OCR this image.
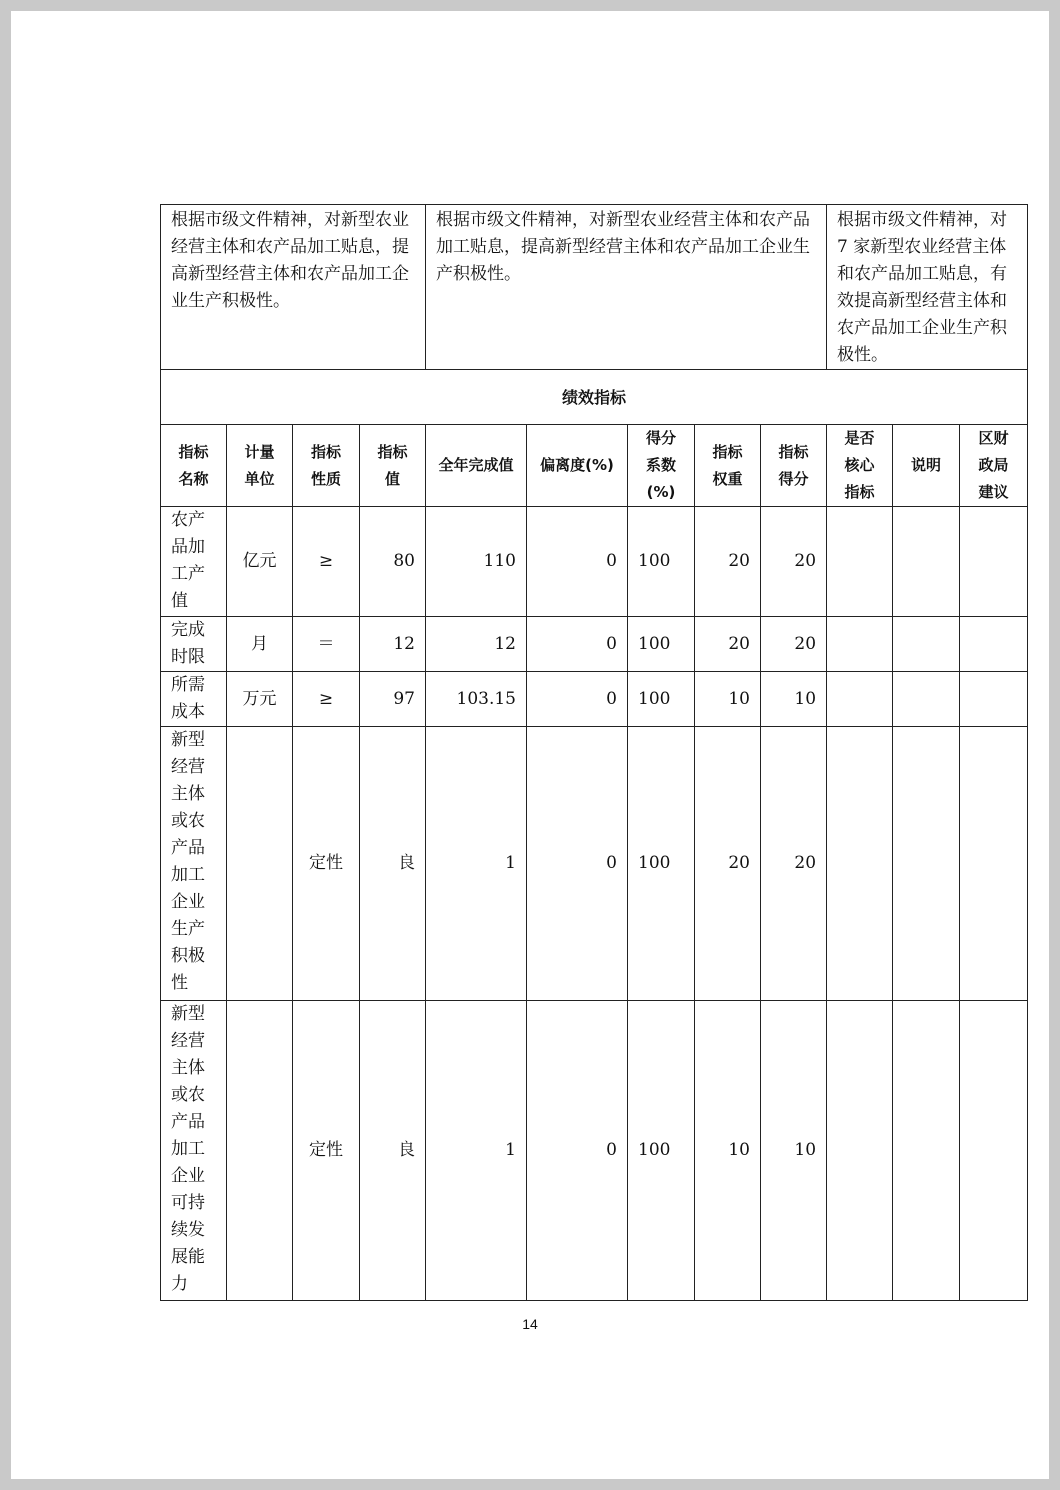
根据市级文件精神，对新型农业经营主体和农产品加工贴息，提高新型经营主体和农产品加工企业生产积极性。				根据市级文件精神，对新型农业经营主体和农产品加工贴息，提高新型经营主体和农产品加工企业生产积极性。					根据市级文件精神，对 7 家新型农业经营主体和农产品加工贴息，有效提高新型经营主体和农产品加工企业生产积极性。		
绩效指标											
指标名称	计量单位	指标性质	指标值	全年完成值	偏离度(%)	得分系数(%)	指标权重	指标得分	是否核心指标	说明	区财政局建议

农产品加工产值	亿元	≥	80	110	0	100	20	20			

完成时限	月	＝	12	12	0	100	20	20			

所需成本	万元	≥	97	103.15	0	100	10	10			

新型经营主体或农产品加工企业生产积极性		定性	良	1	0	100	20	20			

新型经营主体或农产品加工企业可持续发展能力		定性	良	1	0	100	10	10			
14
